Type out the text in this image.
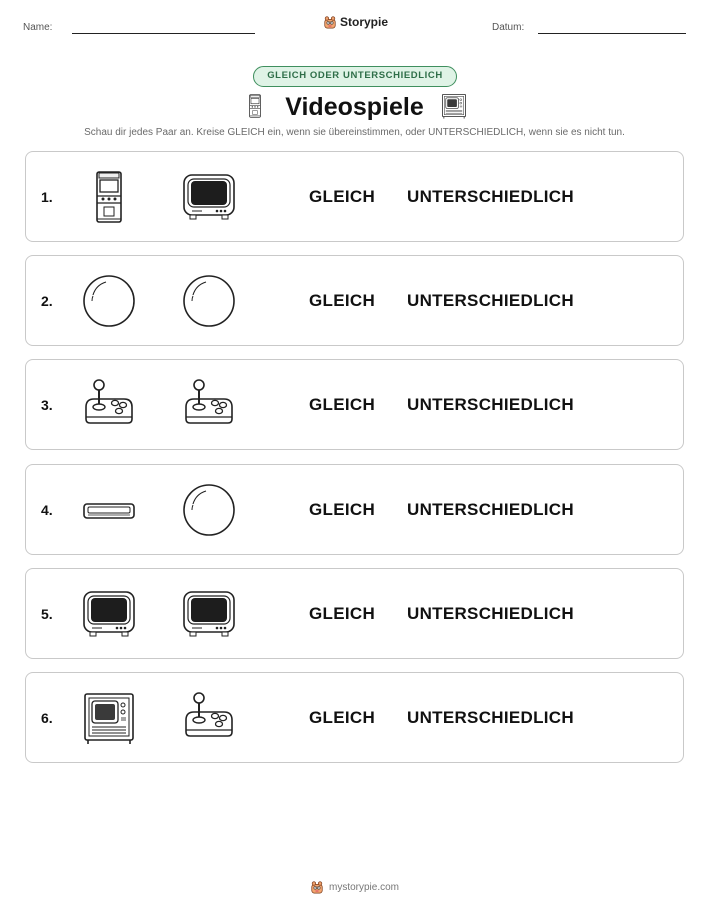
Name:	Storypie	Datum:
GLEICH ODER UNTERSCHIEDLICH
Videospiele
Schau dir jedes Paar an. Kreise GLEICH ein, wenn sie übereinstimmen, oder UNTERSCHIEDLICH, wenn sie es nicht tun.
1.	GLEICH UNTERSCHIEDLICH
2.	GLEICH UNTERSCHIEDLICH
3.	GLEICH UNTERSCHIEDLICH
4.	GLEICH UNTERSCHIEDLICH
5.	GLEICH UNTERSCHIEDLICH
6.	GLEICH UNTERSCHIEDLICH
mystorypie.com
